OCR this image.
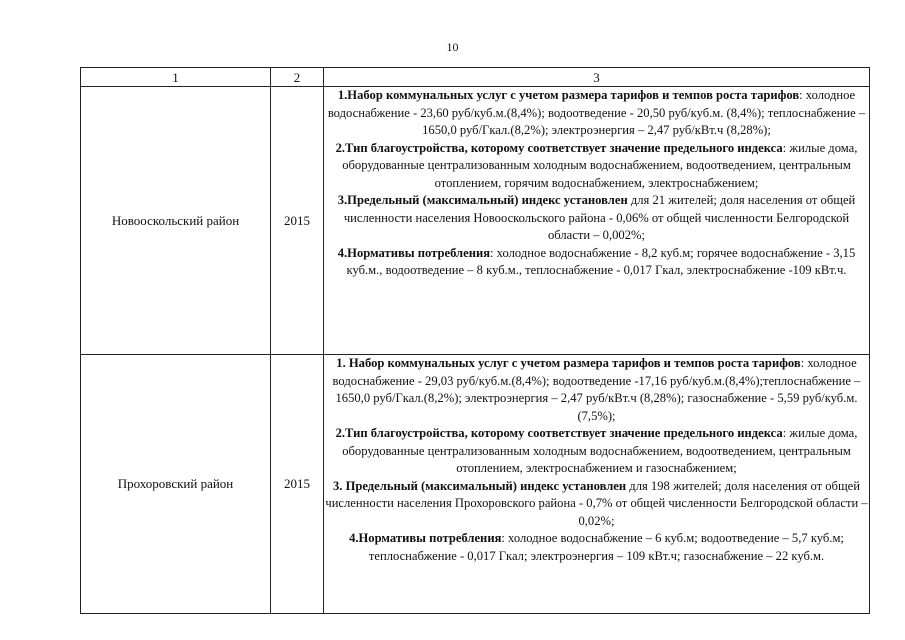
10
1	2	3
Новооскольский район	2015	1.Набор коммунальных услуг с учетом размера тарифов и темпов роста тарифов: холодное водоснабжение - 23,60 руб/куб.м.(8,4%); водоотведение - 20,50 руб/куб.м. (8,4%); теплоснабжение – 1650,0 руб/Гкал.(8,2%); электроэнергия – 2,47 руб/кВт.ч (8,28%);

2.Тип благоустройства, которому соответствует значение предельного индекса: жилые дома, оборудованные централизованным холодным водоснабжением, водоотведением, центральным отоплением, горячим водоснабжением, электроснабжением;

3.Предельный (максимальный) индекс установлен для 21 жителей; доля населения от общей численности населения Новооскольского района - 0,06% от общей численности Белгородской области – 0,002%;

4.Нормативы потребления: холодное водоснабжение - 8,2 куб.м; горячее водоснабжение - 3,15 куб.м., водоотведение – 8 куб.м., теплоснабжение - 0,017 Гкал, электроснабжение -109 кВт.ч.

Прохоровский район	2015	1. Набор коммунальных услуг с учетом размера тарифов и темпов роста тарифов: холодное водоснабжение - 29,03 руб/куб.м.(8,4%); водоотведение -17,16 руб/куб.м.(8,4%);теплоснабжение – 1650,0 руб/Гкал.(8,2%); электроэнергия – 2,47 руб/кВт.ч (8,28%); газоснабжение - 5,59 руб/куб.м. (7,5%);

2.Тип благоустройства, которому соответствует значение предельного индекса: жилые дома, оборудованные централизованным холодным водоснабжением, водоотведением, центральным отоплением, электроснабжением и газоснабжением;

3. Предельный (максимальный) индекс установлен для 198 жителей; доля населения от общей численности населения Прохоровского района - 0,7% от общей численности Белгородской области – 0,02%;

4.Нормативы потребления: холодное водоснабжение – 6 куб.м; водоотведение – 5,7 куб.м; теплоснабжение - 0,017 Гкал; электроэнергия – 109 кВт.ч; газоснабжение – 22 куб.м.
